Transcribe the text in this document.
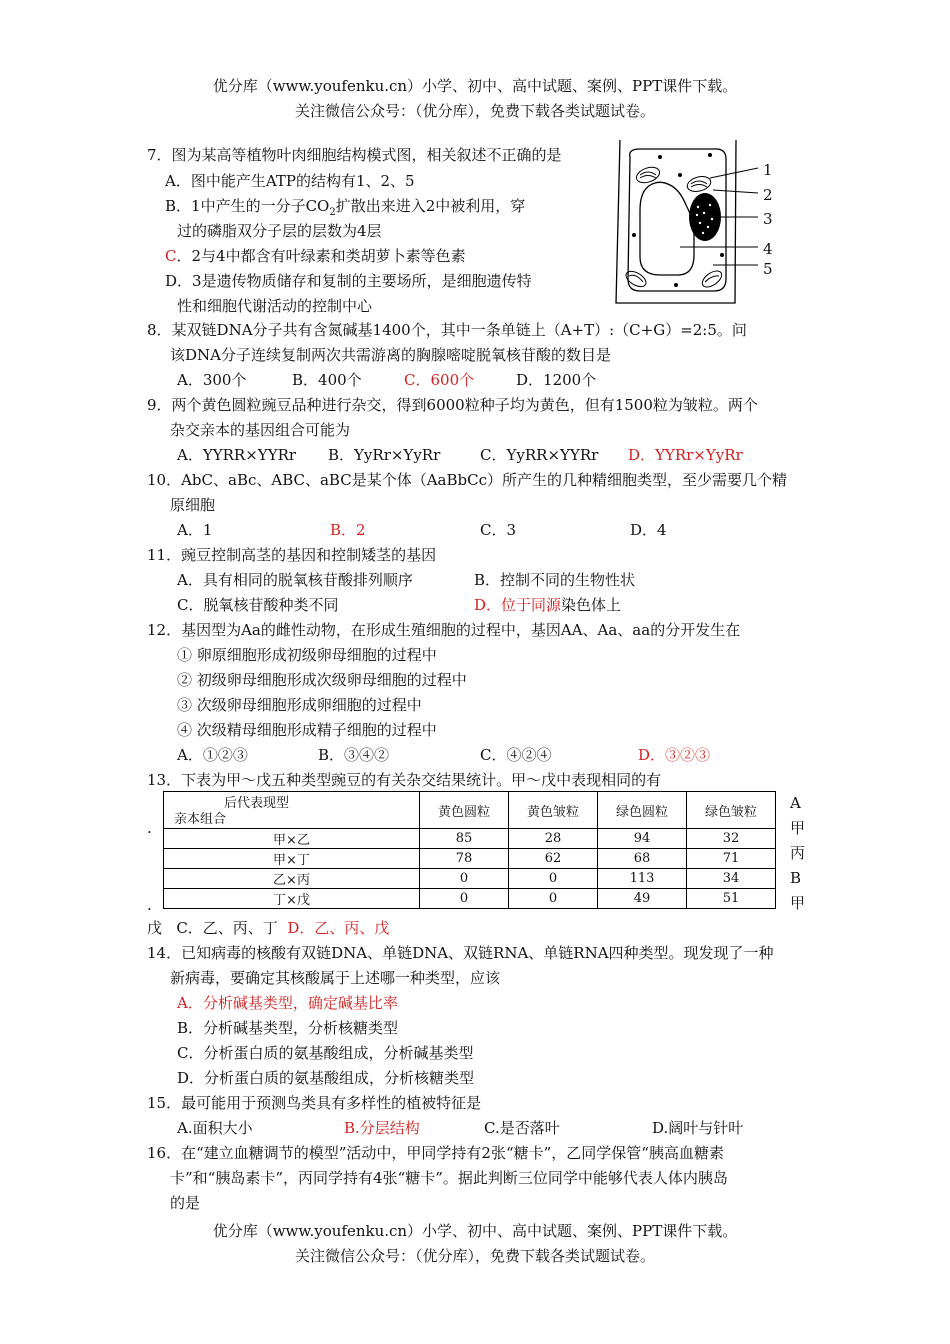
优分库（www.youfenku.cn）小学、初中、高中试题、案例、PPT课件下载。
关注微信公众号：（优分库），免费下载各类试题试卷。
7．图为某高等植物叶肉细胞结构模式图，相关叙述不正确的是
A．图中能产生ATP的结构有1、2、5
B．1中产生的一分子$CO_2$扩散出来进入2中被利用，穿
过的磷脂双分子层的层数为4层
C．2与4中都含有叶绿素和类胡萝卜素等色素
D．3是遗传物质储存和复制的主要场所，是细胞遗传特
性和细胞代谢活动的控制中心
1
2
3
4
5
8．某双链DNA分子共有含氮碱基1400个，其中一条单链上（A+T）:（C+G）=2:5。问
该DNA分子连续复制两次共需游离的胸腺嘧啶脱氧核苷酸的数目是
A．300个	B．400个	C．600个	D．1200个
9．两个黄色圆粒豌豆品种进行杂交，得到6000粒种子均为黄色，但有1500粒为皱粒。两个
杂交亲本的基因组合可能为
A．YYRR×YYRr B．YyRr×YyRr	C．YyRR×YYRr D．YYRr×YyRr
10．AbC、aBc、ABC、aBC是某个体（AaBbCc）所产生的几种精细胞类型，至少需要几个精
原细胞
A．1	B．2	C．3	D．4
11．豌豆控制高茎的基因和控制矮茎的基因
A．具有相同的脱氧核苷酸排列顺序	B．控制不同的生物性状
C．脱氧核苷酸种类不同	D．位于同源染色体上
12．基因型为Aa的雌性动物，在形成生殖细胞的过程中，基因AA、Aa、aa的分开发生在
① 卵原细胞形成初级卵母细胞的过程中
② 初级卵母细胞形成次级卵母细胞的过程中
③ 次级卵母细胞形成卵细胞的过程中
④ 次级精母细胞形成精子细胞的过程中
A．①②③	B．③④②	C．④②④	D．③②③
13．下表为甲～戊五种类型豌豆的有关杂交结果统计。甲～戊中表现相同的有
后代表现型
亲本组合	黄色圆粒	黄色皱粒	绿色圆粒	绿色皱粒
甲×乙	85	28	94	32
甲×丁	78	62	68	71
乙×丙	0	0	113	34
丁×戊	0	0	49	51
.
.
A
甲
丙
B
甲
戊 C．乙、丙、丁 D．乙、丙、戊
14．已知病毒的核酸有双链DNA、单链DNA、双链RNA、单链RNA四种类型。现发现了一种
新病毒，要确定其核酸属于上述哪一种类型，应该
A．分析碱基类型，确定碱基比率
B．分析碱基类型，分析核糖类型
C．分析蛋白质的氨基酸组成，分析碱基类型
D．分析蛋白质的氨基酸组成，分析核糖类型
15．最可能用于预测鸟类具有多样性的植被特征是
A.面积大小	B.分层结构	C.是否落叶	D.阔叶与针叶
16．在“建立血糖调节的模型”活动中，甲同学持有2张“糖卡”，乙同学保管“胰高血糖素
卡”和“胰岛素卡”，丙同学持有4张“糖卡”。据此判断三位同学中能够代表人体内胰岛
的是
优分库（www.youfenku.cn）小学、初中、高中试题、案例、PPT课件下载。
关注微信公众号：（优分库），免费下载各类试题试卷。
